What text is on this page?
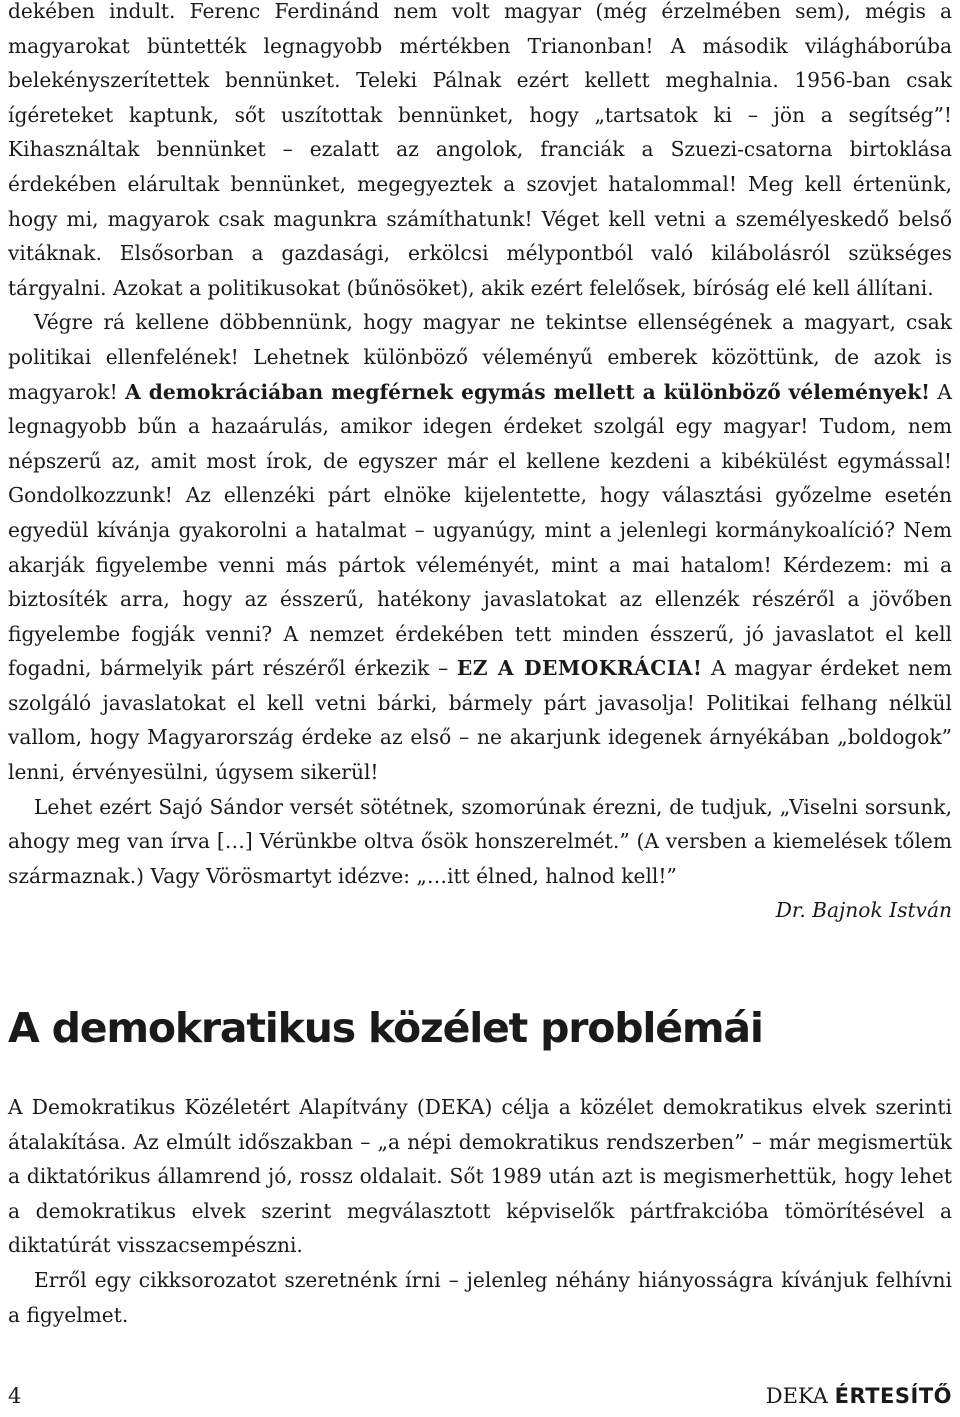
dekében indult. Ferenc Ferdinánd nem volt magyar (még érzelmében sem), mégis a magyarokat büntették legnagyobb mértékben Trianonban! A második világháborúba belekényszerítettek bennünket. Teleki Pálnak ezért kellett meghalnia. 1956-ban csak ígéreteket kaptunk, sőt uszítottak bennünket, hogy „tartsatok ki – jön a segítség”! Kihasználtak bennünket – ezalatt az angolok, franciák a Szuezi-csatorna birtoklása érdekében elárultak bennünket, megegyeztek a szovjet hatalommal! Meg kell értenünk, hogy mi, magyarok csak magunkra számíthatunk! Véget kell vetni a személyeskedő belső vitáknak. Elsősorban a gazdasági, erkölcsi mélypontból való kilábolásról szükséges tárgyalni. Azokat a politikusokat (bűnösöket), akik ezért felelősek, bíróság elé kell állítani.

Végre rá kellene döbbennünk, hogy magyar ne tekintse ellenségének a magyart, csak politikai ellenfelének! Lehetnek különböző véleményű emberek közöttünk, de azok is magyarok! A demokráciában megférnek egymás mellett a különböző vélemények! A legnagyobb bűn a hazaárulás, amikor idegen érdeket szolgál egy magyar! Tudom, nem népszerű az, amit most írok, de egyszer már el kellene kezdeni a kibékülést egymással! Gondolkozzunk! Az ellenzéki párt elnöke kijelentette, hogy választási győzelme esetén egyedül kívánja gyakorolni a hatalmat – ugyanúgy, mint a jelenlegi kormánykoalíció? Nem akarják figyelembe venni más pártok véleményét, mint a mai hatalom! Kérdezem: mi a biztosíték arra, hogy az ésszerű, hatékony javaslatokat az ellenzék részéről a jövőben figyelembe fogják venni? A nemzet érdekében tett minden ésszerű, jó javaslatot el kell fogadni, bármelyik párt részéről érkezik – EZ A DEMOKRÁCIA! A magyar érdeket nem szolgáló javaslatokat el kell vetni bárki, bármely párt javasolja! Politikai felhang nélkül vallom, hogy Magyarország érdeke az első – ne akarjunk idegenek árnyékában „boldogok” lenni, érvényesülni, úgysem sikerül!

Lehet ezért Sajó Sándor versét sötétnek, szomorúnak érezni, de tudjuk, „Viselni sorsunk, ahogy meg van írva […] Vérünkbe oltva ősök honszerelmét.” (A versben a kiemelések tőlem származnak.) Vagy Vörösmartyt idézve: „…itt élned, halnod kell!”

Dr. Bajnok István

A demokratikus közélet problémái

A Demokratikus Közéletért Alapítvány (DEKA) célja a közélet demokratikus elvek szerinti átalakítása. Az elmúlt időszakban – „a népi demokratikus rendszerben” – már megismertük a diktatórikus államrend jó, rossz oldalait. Sőt 1989 után azt is megismerhettük, hogy lehet a demokratikus elvek szerint megválasztott képviselők pártfrakcióba tömörítésével a diktatúrát visszacsempészni.

Erről egy cikksorozatot szeretnénk írni – jelenleg néhány hiányosságra kívánjuk felhívni a figyelmet.

4	DEKA ÉRTESÍTŐ
